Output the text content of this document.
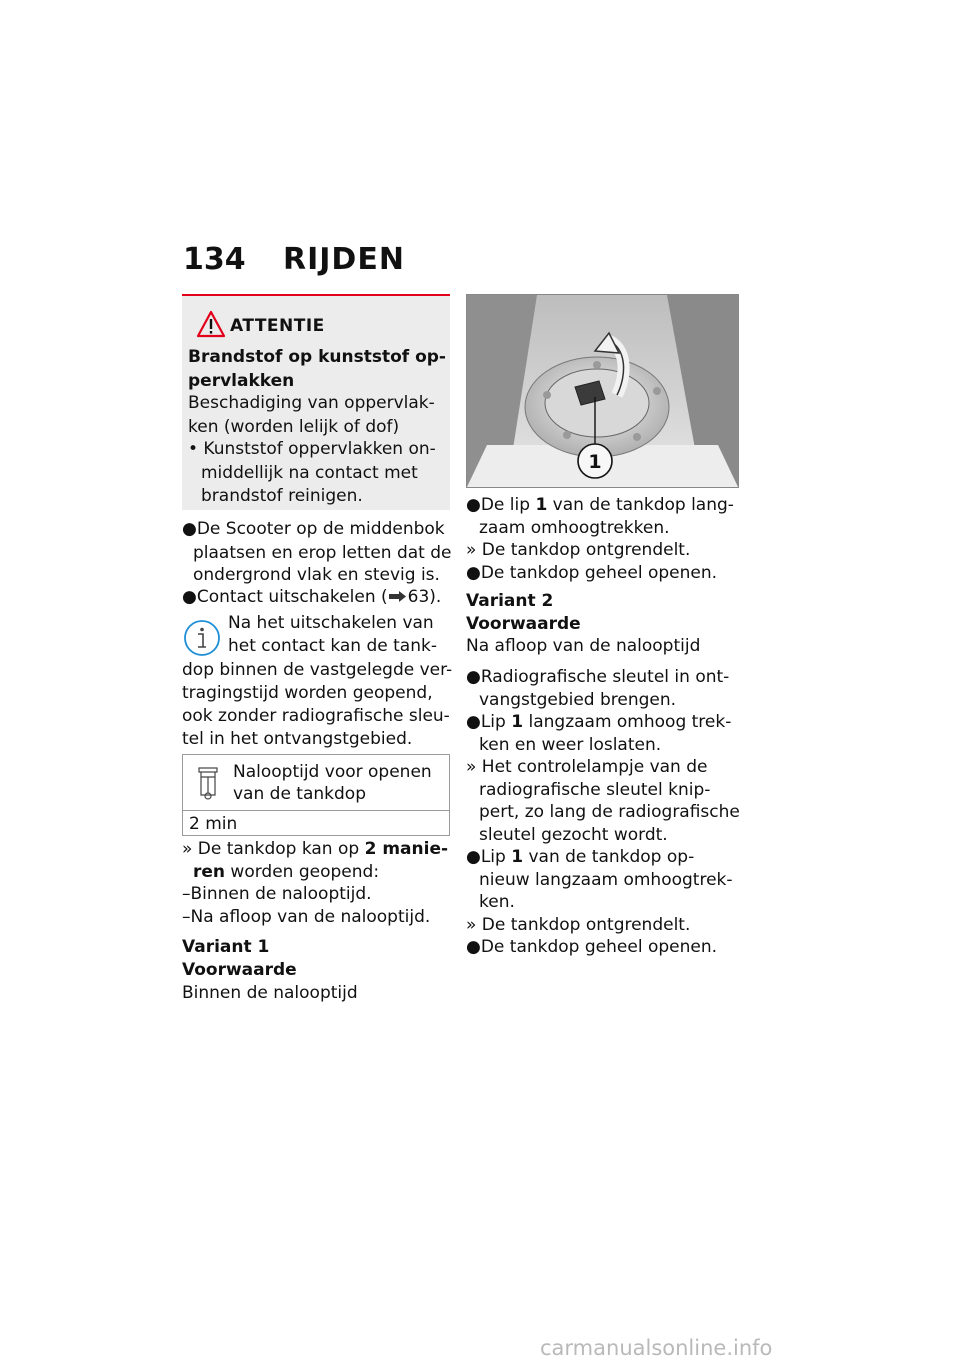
134 RIJDEN
ATTENTIE
Brandstof op kunststof op-
pervlakken
Beschadiging van oppervlak-
ken (worden lelijk of dof)
• Kunststof oppervlakken on-
middellijk na contact met
brandstof reinigen.
●De Scooter op de middenbok
plaatsen en erop letten dat de
ondergrond vlak en stevig is.
●Contact uitschakelen ( 63).
Na het uitschakelen van
het contact kan de tank-
dop binnen de vastgelegde ver-
tragingstijd worden geopend,
ook zonder radiografische sleu-
tel in het ontvangstgebied.
Nalooptijd voor openen
van de tankdop
2 min
» De tankdop kan op 2 manie-
ren worden geopend:
–Binnen de nalooptijd.
–Na afloop van de nalooptijd.
Variant 1
Voorwaarde
Binnen de nalooptijd
1
●De lip 1 van de tankdop lang-
zaam omhoogtrekken.
» De tankdop ontgrendelt.
●De tankdop geheel openen.
Variant 2
Voorwaarde
Na afloop van de nalooptijd
●Radiografische sleutel in ont-
vangstgebied brengen.
●Lip 1 langzaam omhoog trek-
ken en weer loslaten.
» Het controlelampje van de
radiografische sleutel knip-
pert, zo lang de radiografische
sleutel gezocht wordt.
●Lip 1 van de tankdop op-
nieuw langzaam omhoogtrek-
ken.
» De tankdop ontgrendelt.
●De tankdop geheel openen.
carmanualsonline.info
